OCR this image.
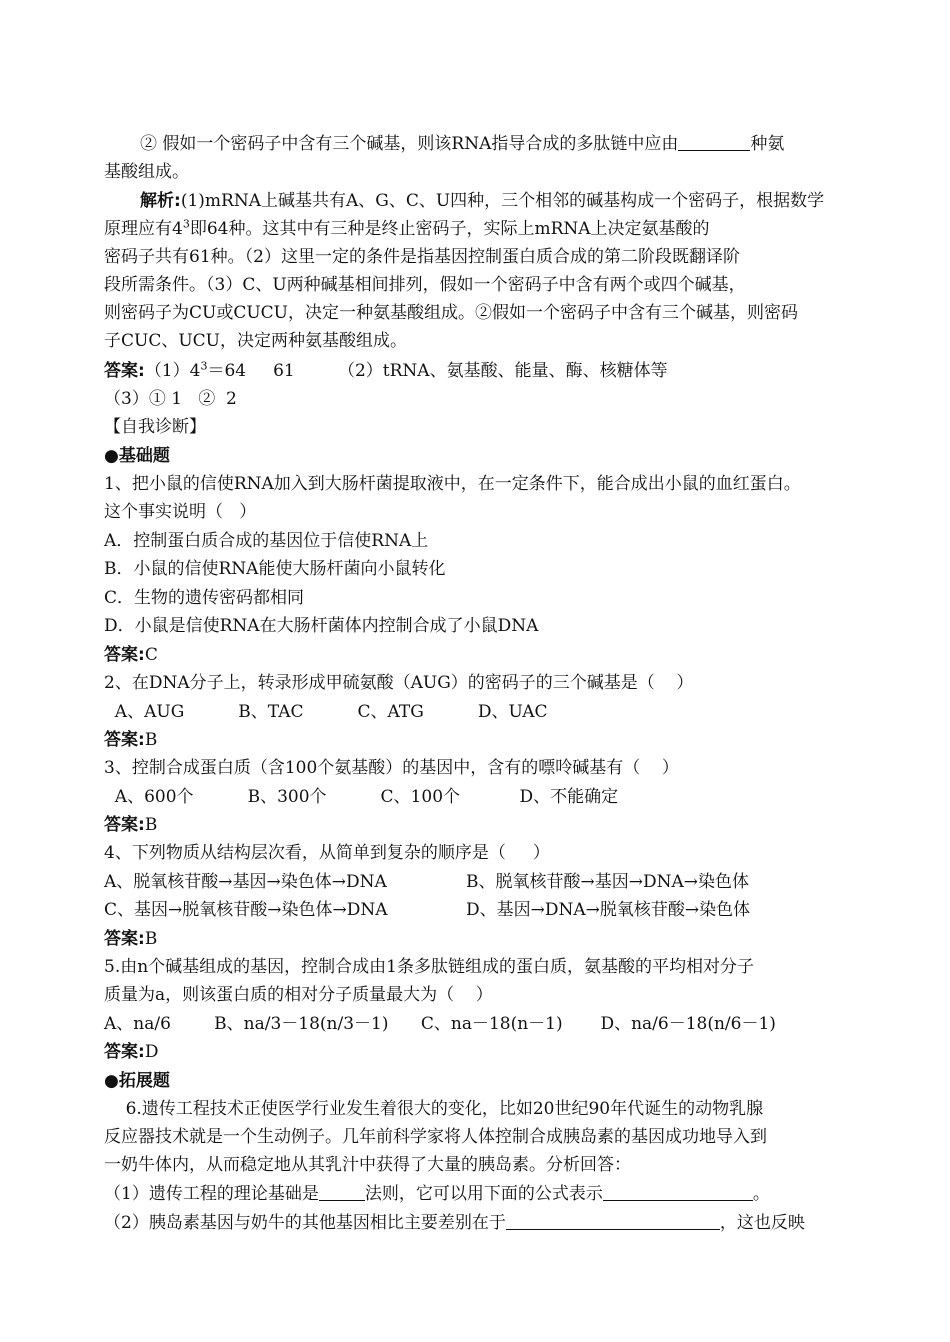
② 假如一个密码子中含有三个碱基，则该RNA指导合成的多肽链中应由	种氨
基酸组成。
解析:(1)mRNA上碱基共有A、G、C、U四种，三个相邻的碱基构成一个密码子，根据数学
原理应有$4^3$即64种。这其中有三种是终止密码子，实际上mRNA上决定氨基酸的
密码子共有61种。（2）这里一定的条件是指基因控制蛋白质合成的第二阶段既翻译阶
段所需条件。（3）C、U两种碱基相间排列，假如一个密码子中含有两个或四个碱基，
则密码子为CU或CUCU，决定一种氨基酸组成。②假如一个密码子中含有三个碱基，则密码
子CUC、UCU，决定两种氨基酸组成。
答案$:(1)4^3=64$     61        （2）tRNA、氨基酸、能量、酶、核糖体等
（3）① 1   ②  2
【自我诊断】
●基础题
1、把小鼠的信使RNA加入到大肠杆菌提取液中，在一定条件下，能合成出小鼠的血红蛋白。
这个事实说明（   ）
A．控制蛋白质合成的基因位于信使RNA上
B．小鼠的信使RNA能使大肠杆菌向小鼠转化
C．生物的遗传密码都相同
D．小鼠是信使RNA在大肠杆菌体内控制合成了小鼠DNA
答案:C
2、在DNA分子上，转录形成甲硫氨酸（AUG）的密码子的三个碱基是（    ）
A、AUG          B、TAC          C、ATG          D、UAC
答案:B
3、控制合成蛋白质（含100个氨基酸）的基因中，含有的嘌呤碱基有（    ）
A、600个          B、300个          C、100个           D、不能确定
答案:B
4、下列物质从结构层次看，从简单到复杂的顺序是（     ）
A、脱氧核苷酸→基因→染色体→DNA	B、脱氧核苷酸→基因→DNA→染色体
C、基因→脱氧核苷酸→染色体→DNA	D、基因→DNA→脱氧核苷酸→染色体
答案:B
5.由n个碱基组成的基因，控制合成由1条多肽链组成的蛋白质，氨基酸的平均相对分子
质量为a，则该蛋白质的相对分子质量最大为（    ）
A、na/6        B、na/3－18(n/3－1)      C、na－18(n－1)       D、na/6－18(n/6－1)
答案:D
●拓展题
6.遗传工程技术正使医学行业发生着很大的变化，比如20世纪90年代诞生的动物乳腺
反应器技术就是一个生动例子。几年前科学家将人体控制合成胰岛素的基因成功地导入到
一奶牛体内，从而稳定地从其乳汁中获得了大量的胰岛素。分析回答：
（1）遗传工程的理论基础是	法则，它可以用下面的公式表示	。
（2）胰岛素基因与奶牛的其他基因相比主要差别在于	，这也反映
